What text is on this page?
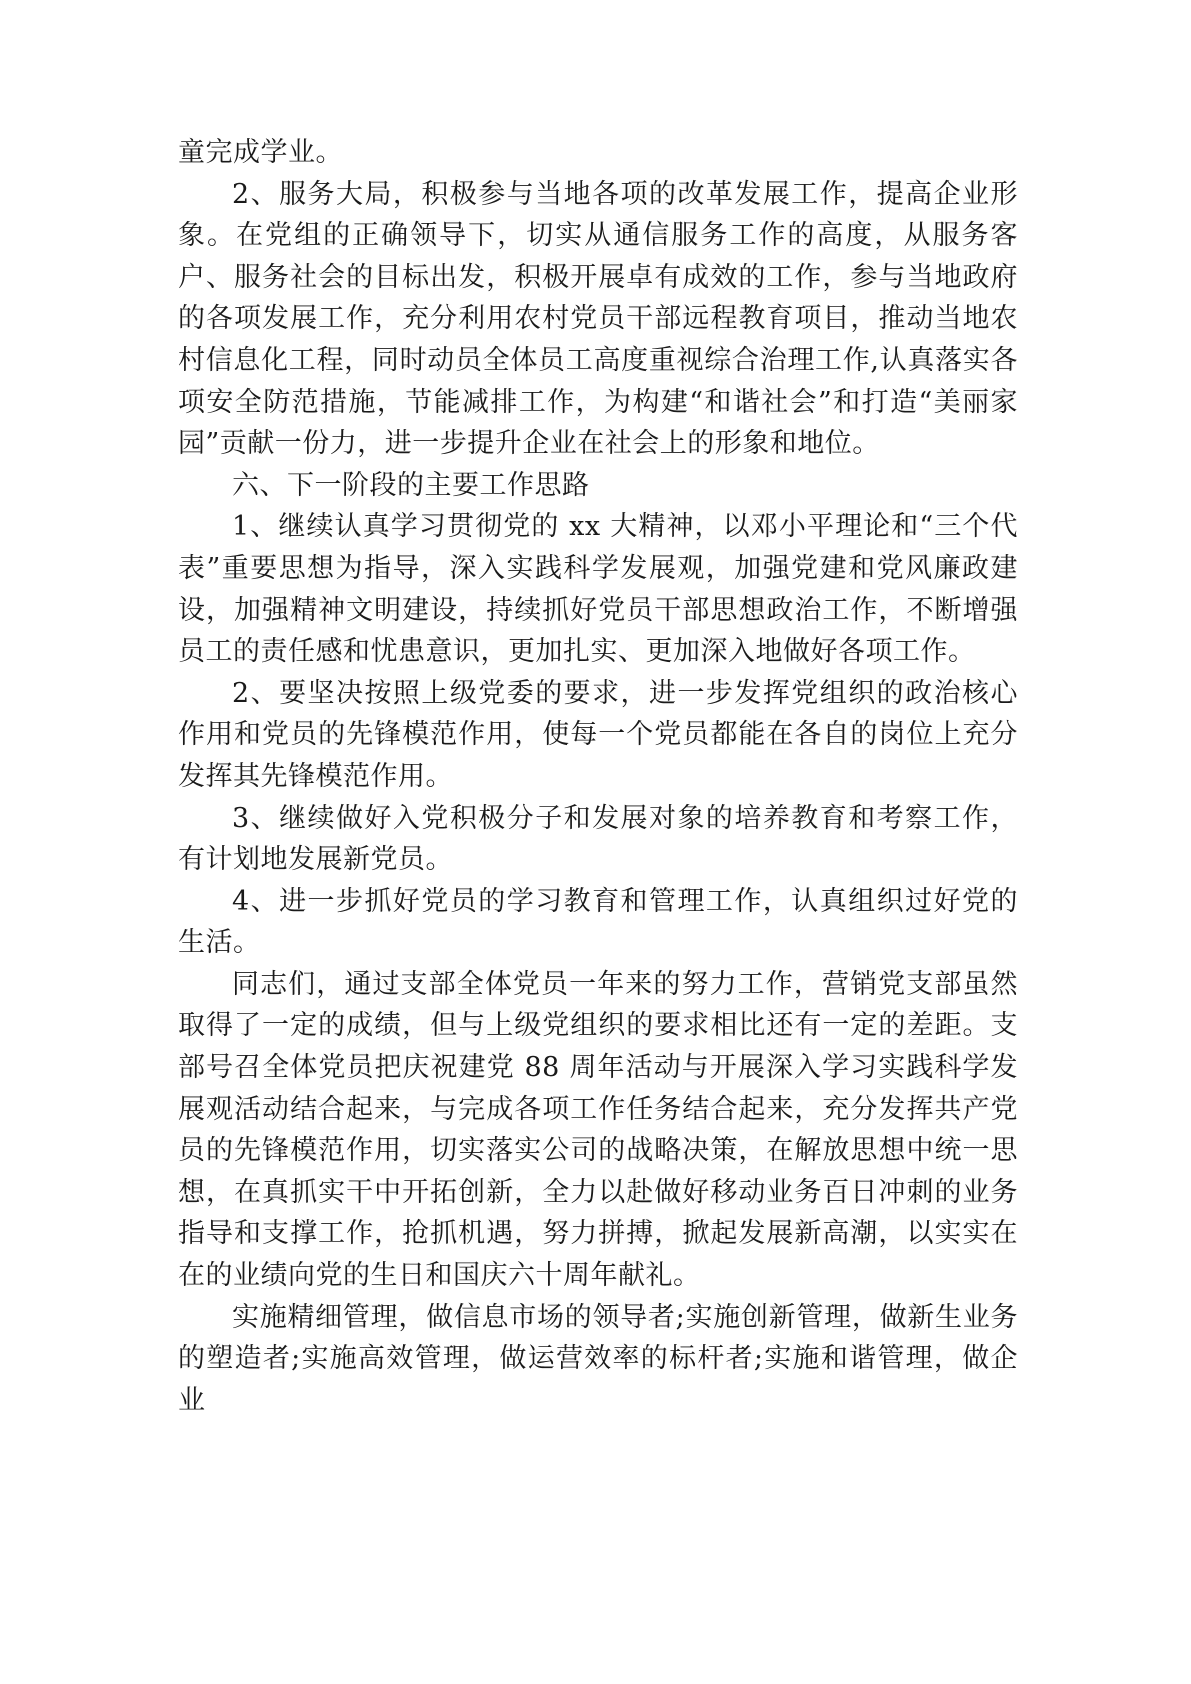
童完成学业。

2、服务大局，积极参与当地各项的改革发展工作，提高企业形象。在党组的正确领导下，切实从通信服务工作的高度，从服务客户、服务社会的目标出发，积极开展卓有成效的工作，参与当地政府的各项发展工作，充分利用农村党员干部远程教育项目，推动当地农村信息化工程，同时动员全体员工高度重视综合治理工作,认真落实各项安全防范措施，节能减排工作，为构建“和谐社会”和打造“美丽家园”贡献一份力，进一步提升企业在社会上的形象和地位。

六、下一阶段的主要工作思路

1、继续认真学习贯彻党的 xx 大精神，以邓小平理论和“三个代表”重要思想为指导，深入实践科学发展观，加强党建和党风廉政建设，加强精神文明建设，持续抓好党员干部思想政治工作，不断增强员工的责任感和忧患意识，更加扎实、更加深入地做好各项工作。

2、要坚决按照上级党委的要求，进一步发挥党组织的政治核心作用和党员的先锋模范作用，使每一个党员都能在各自的岗位上充分发挥其先锋模范作用。

3、继续做好入党积极分子和发展对象的培养教育和考察工作，有计划地发展新党员。

4、进一步抓好党员的学习教育和管理工作，认真组织过好党的生活。

同志们，通过支部全体党员一年来的努力工作，营销党支部虽然取得了一定的成绩，但与上级党组织的要求相比还有一定的差距。支部号召全体党员把庆祝建党 88 周年活动与开展深入学习实践科学发展观活动结合起来，与完成各项工作任务结合起来，充分发挥共产党员的先锋模范作用，切实落实公司的战略决策，在解放思想中统一思想，在真抓实干中开拓创新，全力以赴做好移动业务百日冲刺的业务指导和支撑工作，抢抓机遇，努力拼搏，掀起发展新高潮，以实实在在的业绩向党的生日和国庆六十周年献礼。

实施精细管理，做信息市场的领导者;实施创新管理，做新生业务的塑造者;实施高效管理，做运营效率的标杆者;实施和谐管理，做企业
